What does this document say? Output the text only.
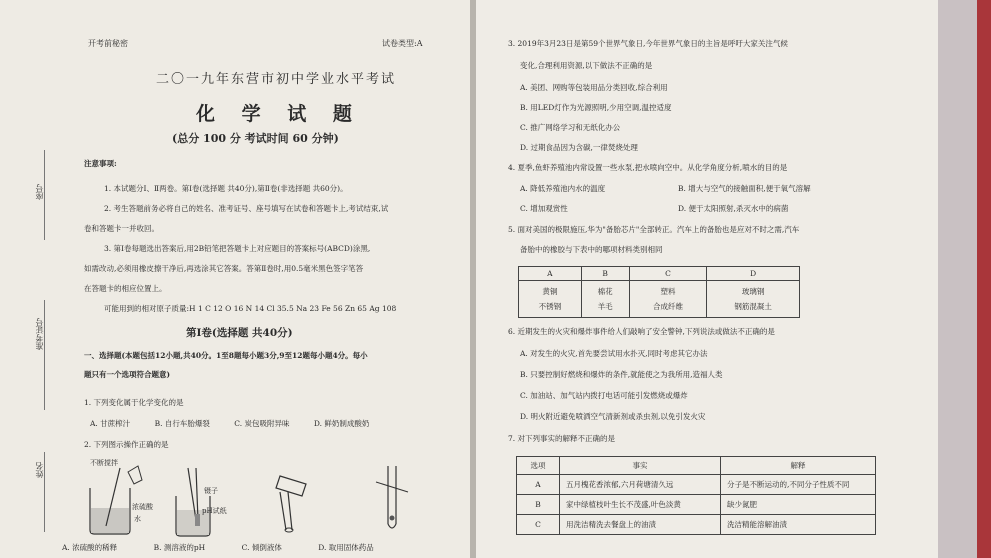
开考前秘密	试卷类型:A
二〇一九年东营市初中学业水平考试
化 学 试 题
(总分 100 分 考试时间 60 分钟)
注意事项:
1. 本试题分Ⅰ、Ⅱ两卷。第Ⅰ卷(选择题 共40分),第Ⅱ卷(非选择题 共60分)。
2. 考生答题前务必将自己的姓名、准考证号、座号填写在试卷和答题卡上,考试结束,试
卷和答题卡一并收回。
3. 第Ⅰ卷每题选出答案后,用2B铅笔把答题卡上对应题目的答案标号(ABCD)涂黑,
如需改动,必须用橡皮擦干净后,再选涂其它答案。答第Ⅱ卷时,用0.5毫米黑色签字笔答
在答题卡的相应位置上。
可能用到的相对原子质量:H 1 C 12 O 16 N 14 Cl 35.5 Na 23 Fe 56 Zn 65 Ag 108
第Ⅰ卷(选择题 共40分)
一、选择题(本题包括12小题,共40分。1至8题每小题3分,9至12题每小题4分。每小
题只有一个选项符合题意)
1. 下列变化属于化学变化的是
A. 甘蔗榨汁	B. 自行车胎爆裂	C. 炭包吸附异味	D. 鲜奶制成酸奶
2. 下列图示操作正确的是
不断搅拌
浓硫酸
水
镊子
pH试纸
A. 浓硫酸的稀释	B. 测溶液的pH	C. 倾倒液体	D. 取用固体药品
座号
准考证号
姓名
3. 2019年3月23日是第59个世界气象日,今年世界气象日的主旨是呼吁大家关注气候
变化,合理利用资源,以下做法不正确的是
A. 美团、网购等包装用品分类回收,综合利用
B. 用LED灯作为光源照明,少用空调,温控适度
C. 推广网络学习和无纸化办公
D. 过期食品因为含碳,一律焚烧处理
4. 夏季,鱼虾养殖池内常设置一些水泵,把水喷向空中。从化学角度分析,喷水的目的是
A. 降低养殖池内水的温度	B. 增大与空气的接触面积,便于氧气溶解
C. 增加观赏性	D. 便于太阳照射,杀灭水中的病菌
5. 面对美国的极限施压,华为"备胎芯片"全部转正。汽车上的备胎也是应对不时之需,汽车
备胎中的橡胶与下表中的哪项材料类别相同
A	B	C	D
黄铜	棉花	塑料	玻璃钢
不锈钢	羊毛	合成纤维	钢筋混凝土
6. 近期发生的火灾和爆炸事件给人们敲响了安全警钟,下列说法或做法不正确的是
A. 对发生的火灾,首先要尝试用水扑灭,同时考虑其它办法
B. 只要控制好燃烧和爆炸的条件,就能使之为我所用,造福人类
C. 加油站、加气站内拨打电话可能引发燃烧或爆炸
D. 明火附近避免喷洒空气清新剂或杀虫剂,以免引发火灾
7. 对下列事实的解释不正确的是
选项	事实	解释
A	五月槐花香浓郁,六月荷塘清久远	分子是不断运动的,不同分子性质不同
B	家中绿植枝叶生长不茂盛,叶色淡黄	缺少氮肥
C	用洗洁精洗去餐盘上的油渍	洗洁精能溶解油渍
